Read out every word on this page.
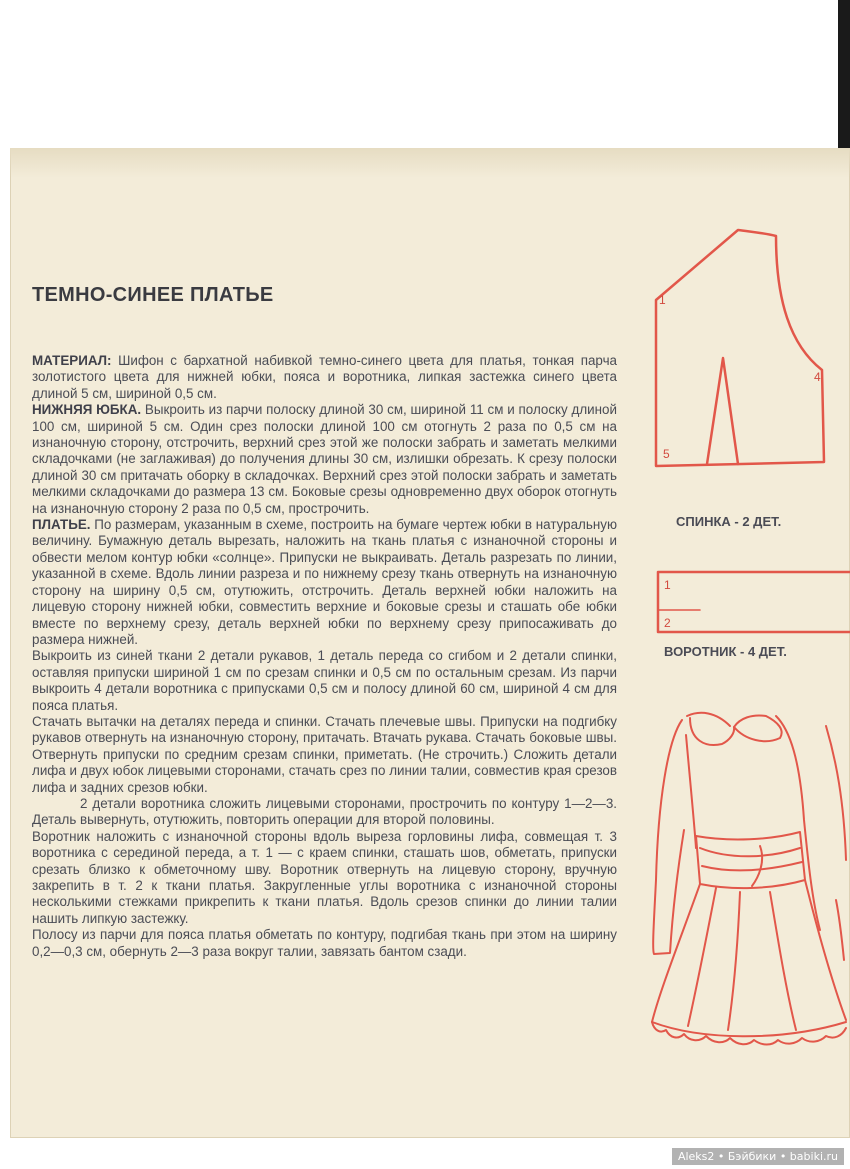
ТЕМНО-СИНЕЕ ПЛАТЬЕ

МАТЕРИАЛ: Шифон с бархатной набивкой темно-синего цвета для платья, тонкая парча золотистого цвета для нижней юбки, пояса и воротника, липкая застежка синего цвета длиной 5 см, шириной 0,5 см.

НИЖНЯЯ ЮБКА. Выкроить из парчи полоску длиной 30 см, шириной 11 см и полоску длиной 100 см, шириной 5 см. Один срез полоски длиной 100 см отогнуть 2 раза по 0,5 см на изнаночную сторону, отстрочить, верхний срез этой же полоски забрать и заметать мелкими складочками (не заглаживая) до получения длины 30 см, излишки обрезать. К срезу полоски длиной 30 см притачать оборку в складочках. Верхний срез этой полоски забрать и заметать мелкими складочками до размера 13 см. Боковые срезы одновременно двух оборок отогнуть на изнаночную сторону 2 раза по 0,5 см, прострочить.

ПЛАТЬЕ. По размерам, указанным в схеме, построить на бумаге чертеж юбки в натуральную величину. Бумажную деталь вырезать, наложить на ткань платья с изнаночной стороны и обвести мелом контур юбки «солнце». Припуски не выкраивать. Деталь разрезать по линии, указанной в схеме. Вдоль линии разреза и по нижнему срезу ткань отвернуть на изнаночную сторону на ширину 0,5 см, отутюжить, отстрочить. Деталь верхней юбки наложить на лицевую сторону нижней юбки, совместить верхние и боковые срезы и сташать обе юбки вместе по верхнему срезу, деталь верхней юбки по верхнему срезу припосаживать до размера нижней.

Выкроить из синей ткани 2 детали рукавов, 1 деталь переда со сгибом и 2 детали спинки, оставляя припуски шириной 1 см по срезам спинки и 0,5 см по остальным срезам. Из парчи выкроить 4 детали воротника с припусками 0,5 см и полосу длиной 60 см, шириной 4 см для пояса платья.

Стачать вытачки на деталях переда и спинки. Стачать плечевые швы. Припуски на подгибку рукавов отвернуть на изнаночную сторону, притачать. Втачать рукава. Стачать боковые швы. Отвернуть припуски по средним срезам спинки, приметать. (Не строчить.) Сложить детали лифа и двух юбок лицевыми сторонами, стачать срез по линии талии, совместив края срезов лифа и задних срезов юбки.

2 детали воротника сложить лицевыми сторонами, прострочить по контуру 1—2—3. Деталь вывернуть, отутюжить, повторить операции для второй половины.

Воротник наложить с изнаночной стороны вдоль выреза горловины лифа, совмещая т. 3 воротника с серединой переда, а т. 1 — с краем спинки, сташать шов, обметать, припуски срезать близко к обметочному шву. Воротник отвернуть на лицевую сторону, вручную закрепить в т. 2 к ткани платья. Закругленные углы воротника с изнаночной стороны несколькими стежками прикрепить к ткани платья. Вдоль срезов спинки до линии талии нашить липкую застежку.

Полосу из парчи для пояса платья обметать по контуру, подгибая ткань при этом на ширину 0,2—0,3 см, обернуть 2—3 раза вокруг талии, завязать бантом сзади.

1
4
5
1
2
СПИНКА - 2 ДЕТ.
ВОРОТНИК - 4 ДЕТ.
Aleks2 • Бэйбики • babiki.ru
